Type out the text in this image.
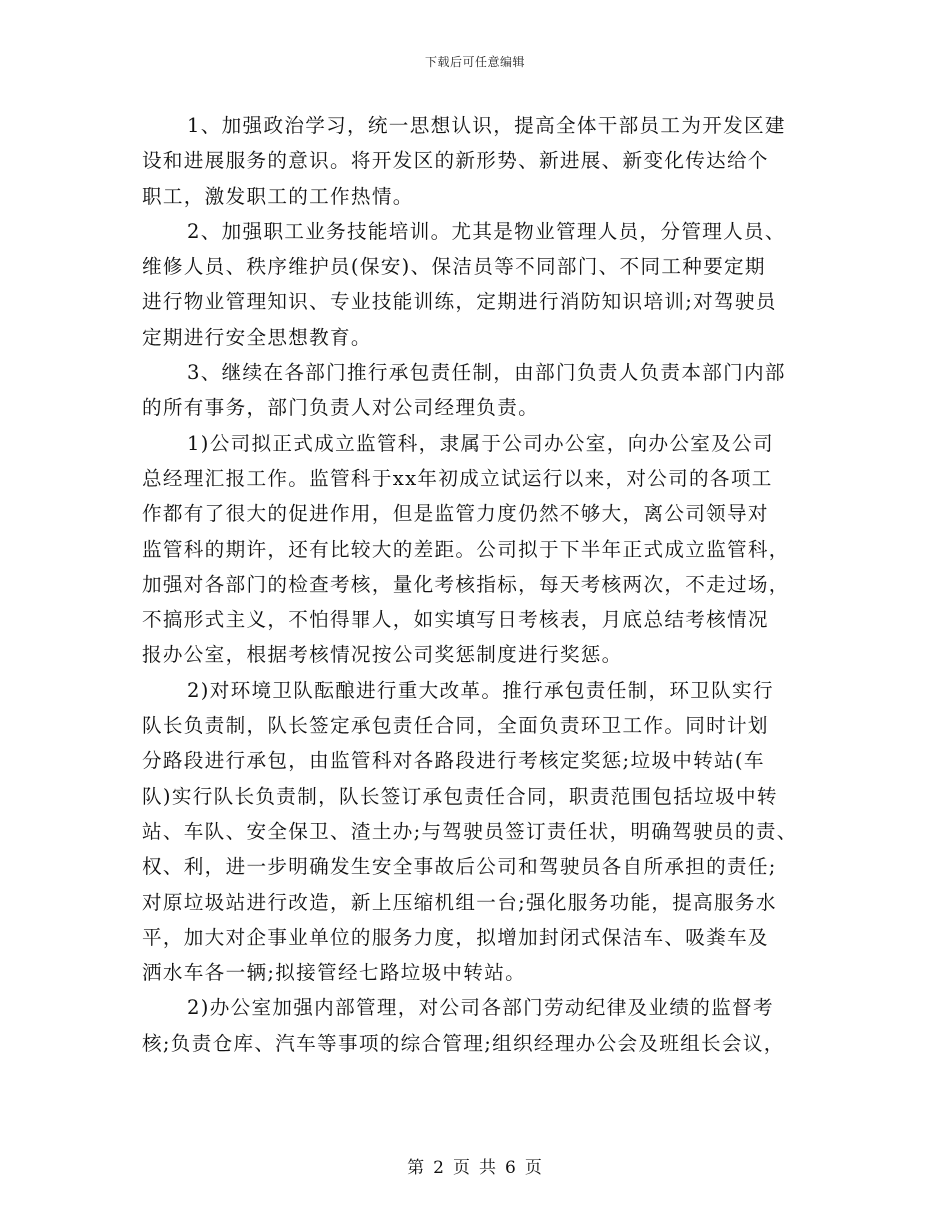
下载后可任意编辑
1、加强政治学习，统一思想认识，提高全体干部员工为开发区建
设和进展服务的意识。将开发区的新形势、新进展、新变化传达给个
职工，激发职工的工作热情。
2、加强职工业务技能培训。尤其是物业管理人员，分管理人员、
维修人员、秩序维护员(保安)、保洁员等不同部门、不同工种要定期
进行物业管理知识、专业技能训练，定期进行消防知识培训;对驾驶员
定期进行安全思想教育。
3、继续在各部门推行承包责任制，由部门负责人负责本部门内部
的所有事务，部门负责人对公司经理负责。
1)公司拟正式成立监管科，隶属于公司办公室，向办公室及公司
总经理汇报工作。监管科于xx年初成立试运行以来，对公司的各项工
作都有了很大的促进作用，但是监管力度仍然不够大，离公司领导对
监管科的期许，还有比较大的差距。公司拟于下半年正式成立监管科，
加强对各部门的检查考核，量化考核指标，每天考核两次，不走过场，
不搞形式主义，不怕得罪人，如实填写日考核表，月底总结考核情况
报办公室，根据考核情况按公司奖惩制度进行奖惩。
2)对环境卫队酝酿进行重大改革。推行承包责任制，环卫队实行
队长负责制，队长签定承包责任合同，全面负责环卫工作。同时计划
分路段进行承包，由监管科对各路段进行考核定奖惩;垃圾中转站(车
队)实行队长负责制，队长签订承包责任合同，职责范围包括垃圾中转
站、车队、安全保卫、渣土办;与驾驶员签订责任状，明确驾驶员的责、
权、利，进一步明确发生安全事故后公司和驾驶员各自所承担的责任;
对原垃圾站进行改造，新上压缩机组一台;强化服务功能，提高服务水
平，加大对企事业单位的服务力度，拟增加封闭式保洁车、吸粪车及
洒水车各一辆;拟接管经七路垃圾中转站。
2)办公室加强内部管理，对公司各部门劳动纪律及业绩的监督考
核;负责仓库、汽车等事项的综合管理;组织经理办公会及班组长会议，
第 2 页 共 6 页
